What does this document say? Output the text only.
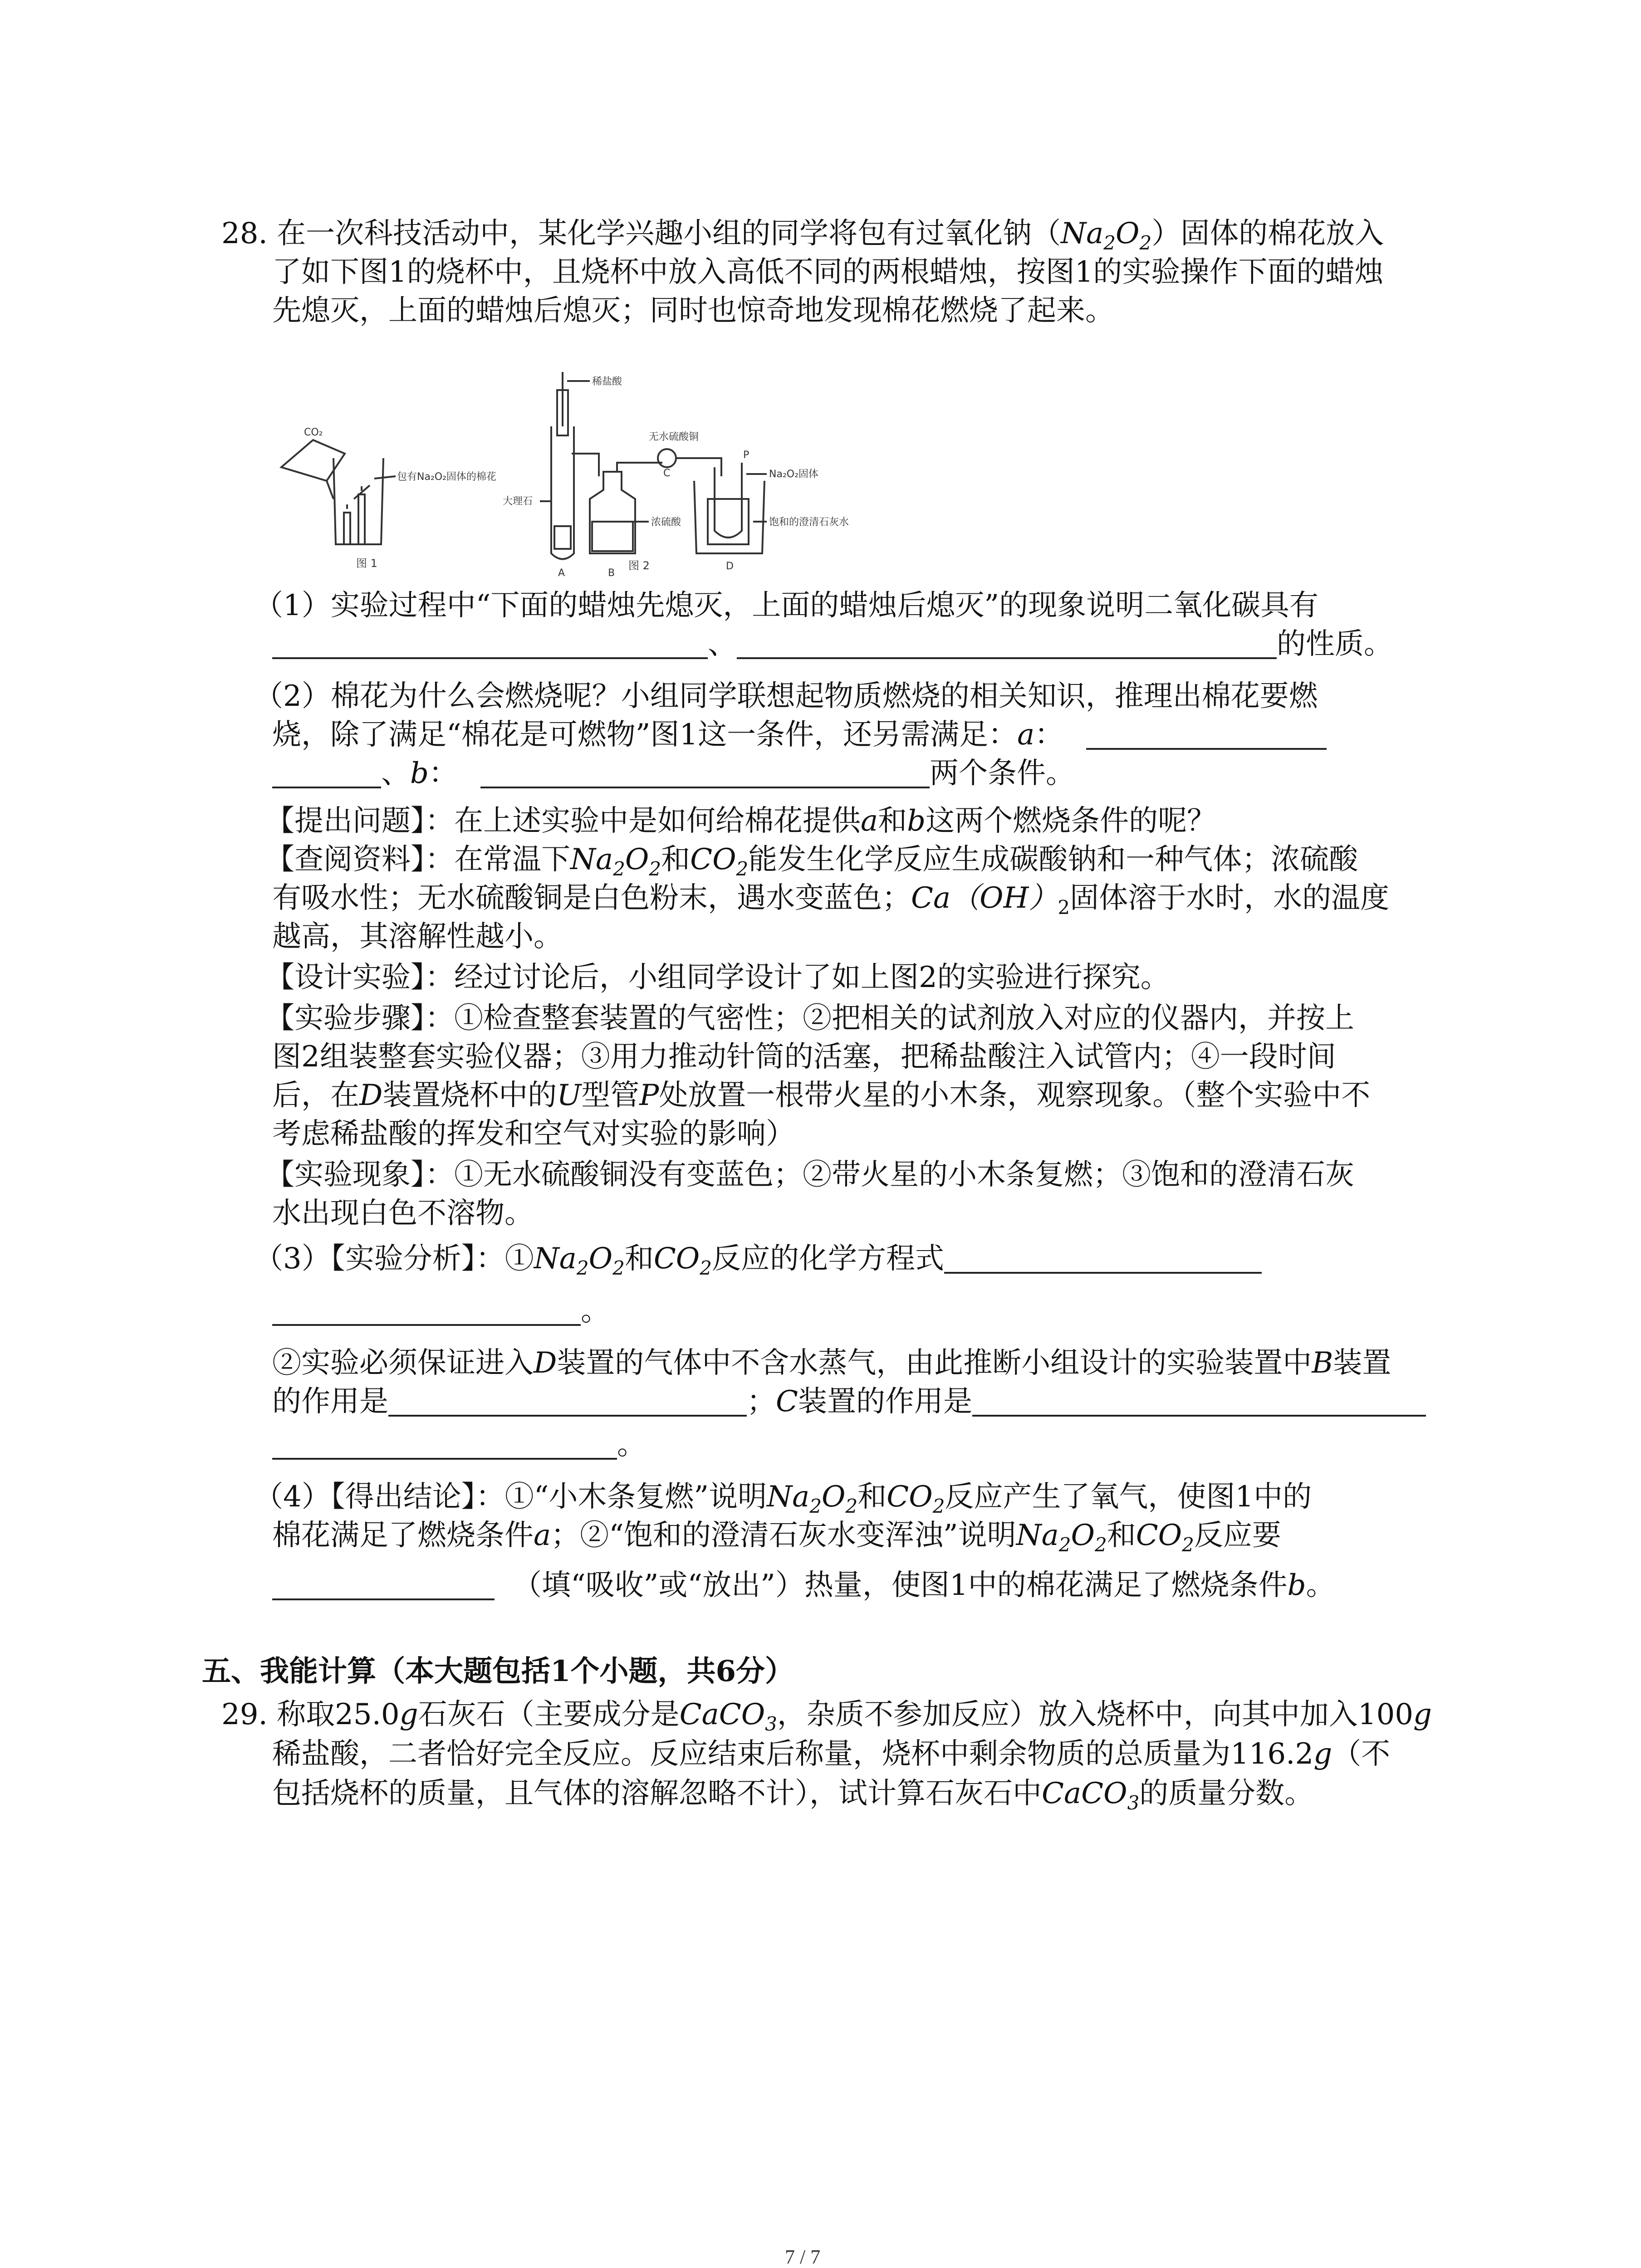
28. 在一次科技活动中，某化学兴趣小组的同学将包有过氧化钠$(Na_2O_2)$固体的棉花放入
了如下图1的烧杯中，且烧杯中放入高低不同的两根蜡烛，按图1的实验操作下面的蜡烛
先熄灭，上面的蜡烛后熄灭；同时也惊奇地发现棉花燃烧了起来。
CO₂
包有Na₂O₂固体的棉花
图 1
稀盐酸
无水硫酸铜
Na₂O₂固体
大理石
浓硫酸	饱和的澄清石灰水
A	B
C
D
P
图 2
（1）实验过程中“下面的蜡烛先熄灭，上面的蜡烛后熄灭”的现象说明二氧化碳具有
、	的性质。
（2）棉花为什么会燃烧呢？小组同学联想起物质燃烧的相关知识，推理出棉花要燃
烧，除了满足“棉花是可燃物”图1这一条件，还另需满足：a：
、b：	两个条件。
【提出问题】：在上述实验中是如何给棉花提供a和b这两个燃烧条件的呢？
【查阅资料】：在常温下$Na_2O_2$和$CO_2$能发生化学反应生成碳酸钠和一种气体；浓硫酸
有吸水性；无水硫酸铜是白色粉末，遇水变蓝色；$Ca(OH)_2$固体溶于水时，水的温度
越高，其溶解性越小。
【设计实验】：经过讨论后，小组同学设计了如上图2的实验进行探究。
【实验步骤】：①检查整套装置的气密性；②把相关的试剂放入对应的仪器内，并按上
图2组装整套实验仪器；③用力推动针筒的活塞，把稀盐酸注入试管内；④一段时间
后，在D装置烧杯中的U型管P处放置一根带火星的小木条，观察现象。（整个实验中不
考虑稀盐酸的挥发和空气对实验的影响）
【实验现象】：①无水硫酸铜没有变蓝色；②带火星的小木条复燃；③饱和的澄清石灰
水出现白色不溶物。
（3）【实验分析】：$①Na_2O_2$和$CO_2$反应的化学方程式
。
②实验必须保证进入D装置的气体中不含水蒸气，由此推断小组设计的实验装置中B装置
的作用是	；C装置的作用是
。
（4）【得出结论】：①“小木条复燃”说明$Na_2O_2$和$CO_2$反应产生了氧气，使图1中的
棉花满足了燃烧条件a；②“饱和的澄清石灰水变浑浊”说明$Na_2O_2$和$CO_2$反应要
（填“吸收”或“放出”）热量，使图1中的棉花满足了燃烧条件b。
五、我能计算（本大题包括1个小题，共6分）
29. 称取25.0g石灰石（主要成分是CaCO$_3$，杂质不参加反应）放入烧杯中，向其中加入100g
稀盐酸，二者恰好完全反应。反应结束后称量，烧杯中剩余物质的总质量为116.2g（不
包括烧杯的质量，且气体的溶解忽略不计），试计算石灰石中CaCO$_3$的质量分数。
7 / 7
